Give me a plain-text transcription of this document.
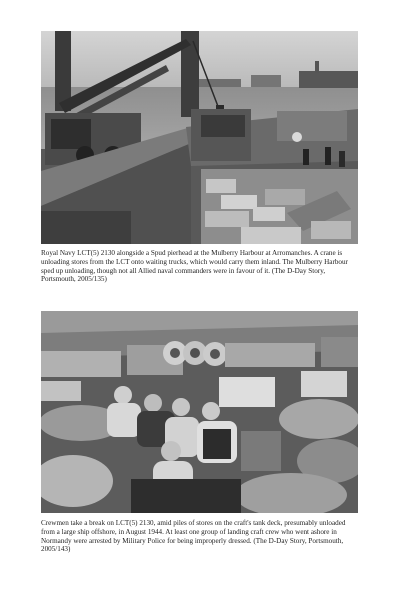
Royal Navy LCT(5) 2130 alongside a Spud pierhead at the Mulberry Harbour at Arromanches. A crane is unloading stores from the LCT onto waiting trucks, which would carry them inland. The Mulberry Harbour sped up unloading, though not all Allied naval commanders were in favour of it. (The D-Day Story, Portsmouth, 2005/135)

Crewmen take a break on LCT(5) 2130, amid piles of stores on the craft's tank deck, presumably unloaded from a large ship offshore, in August 1944. At least one group of landing craft crew who went ashore in Normandy were arrested by Military Police for being improperly dressed. (The D-Day Story, Portsmouth, 2005/143)
